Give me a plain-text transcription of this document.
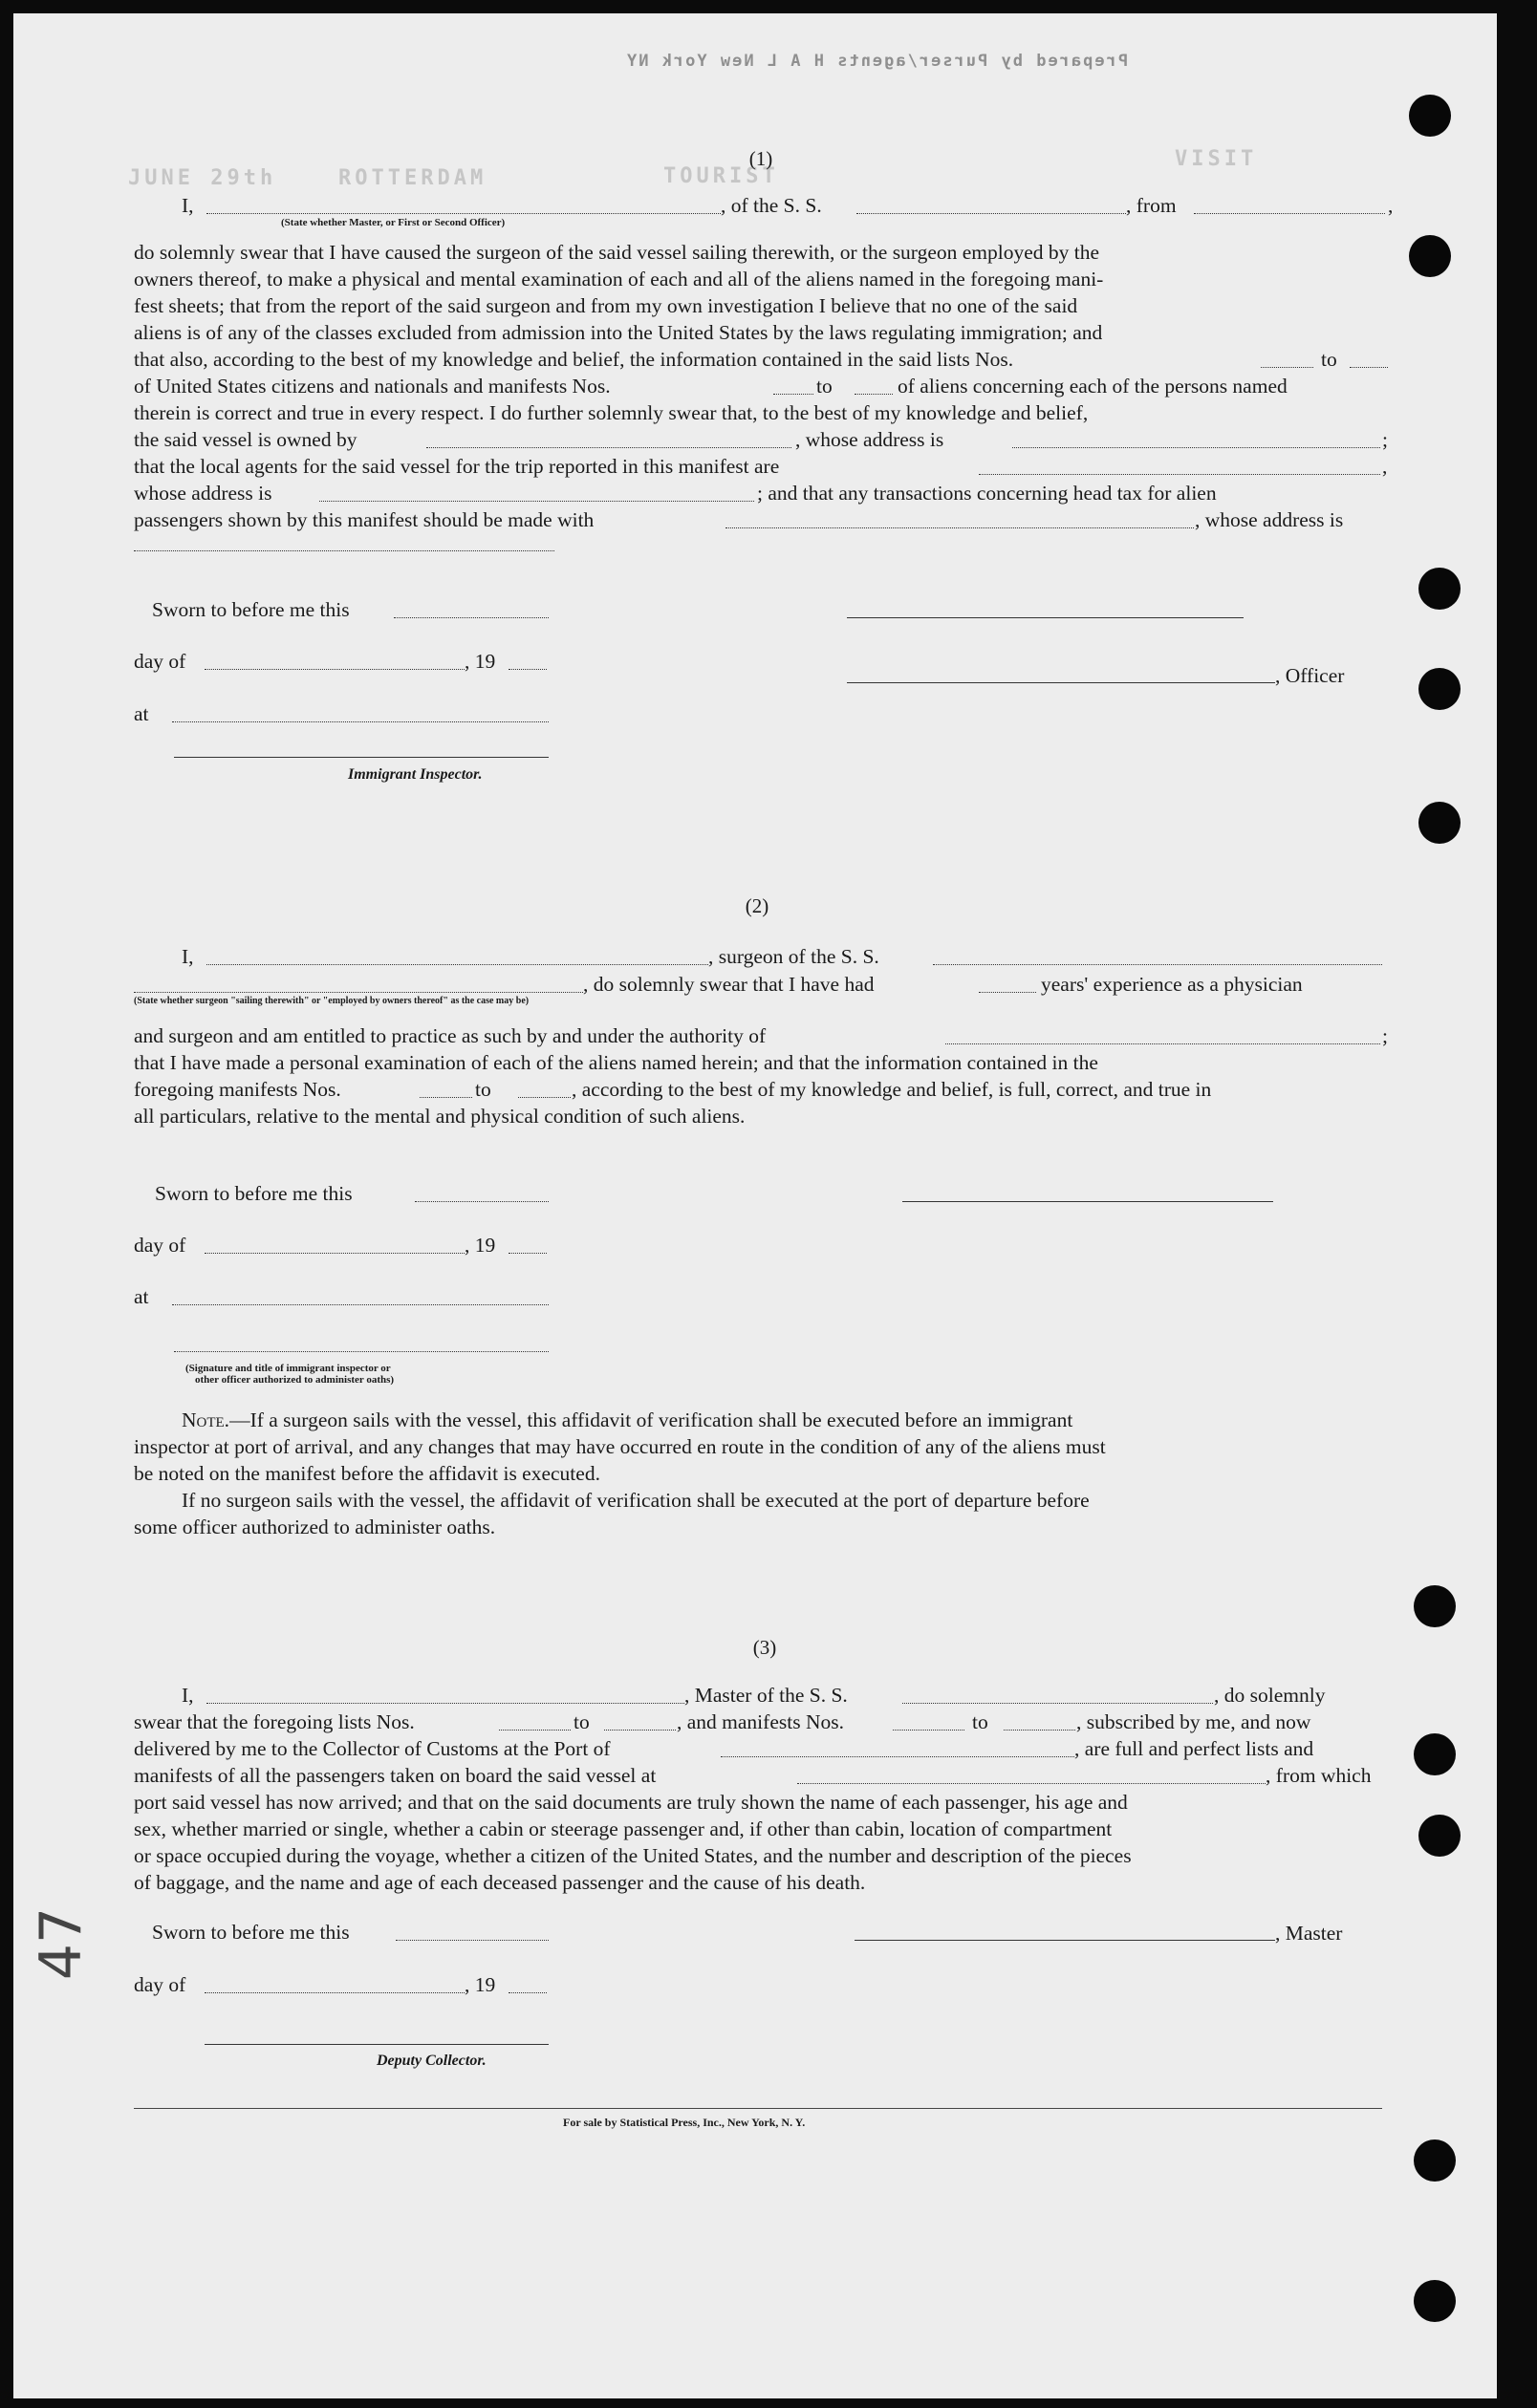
Prepared by Purser/agents H A L New York NY
VISIT
TOURIST
ROTTERDAM
JUNE 29th
(1)
I,	, of the S. S.	, from	,
(State whether Master, or First or Second Officer)
do solemnly swear that I have caused the surgeon of the said vessel sailing therewith, or the surgeon employed by the
owners thereof, to make a physical and mental examination of each and all of the aliens named in the foregoing mani-
fest sheets; that from the report of the said surgeon and from my own investigation I believe that no one of the said
aliens is of any of the classes excluded from admission into the United States by the laws regulating immigration; and
that also, according to the best of my knowledge and belief, the information contained in the said lists Nos.	to
of United States citizens and nationals and manifests Nos.	to	of aliens concerning each of the persons named
therein is correct and true in every respect. I do further solemnly swear that, to the best of my knowledge and belief,
the said vessel is owned by	, whose address is	;
that the local agents for the said vessel for the trip reported in this manifest are	,
whose address is	; and that any transactions concerning head tax for alien
passengers shown by this manifest should be made with	, whose address is
Sworn to before me this
day of	, 19
, Officer
at
Immigrant Inspector.
(2)
I,	, surgeon of the S. S.
, do solemnly swear that I have had	years' experience as a physician
(State whether surgeon "sailing therewith" or "employed by owners thereof" as the case may be)
and surgeon and am entitled to practice as such by and under the authority of	;
that I have made a personal examination of each of the aliens named herein; and that the information contained in the
foregoing manifests Nos.	to	, according to the best of my knowledge and belief, is full, correct, and true in
all particulars, relative to the mental and physical condition of such aliens.
Sworn to before me this
day of	, 19
at
(Signature and title of immigrant inspector or
other officer authorized to administer oaths)
Note.—If a surgeon sails with the vessel, this affidavit of verification shall be executed before an immigrant
inspector at port of arrival, and any changes that may have occurred en route in the condition of any of the aliens must
be noted on the manifest before the affidavit is executed.
If no surgeon sails with the vessel, the affidavit of verification shall be executed at the port of departure before
some officer authorized to administer oaths.
(3)
I,	, Master of the S. S.	, do solemnly
swear that the foregoing lists Nos.	to	, and manifests Nos.	to	, subscribed by me, and now
delivered by me to the Collector of Customs at the Port of	, are full and perfect lists and
manifests of all the passengers taken on board the said vessel at	, from which
port said vessel has now arrived; and that on the said documents are truly shown the name of each passenger, his age and
sex, whether married or single, whether a cabin or steerage passenger and, if other than cabin, location of compartment
or space occupied during the voyage, whether a citizen of the United States, and the number and description of the pieces
of baggage, and the name and age of each deceased passenger and the cause of his death.
Sworn to before me this	, Master
day of	, 19
Deputy Collector.
For sale by Statistical Press, Inc., New York, N. Y.
47
